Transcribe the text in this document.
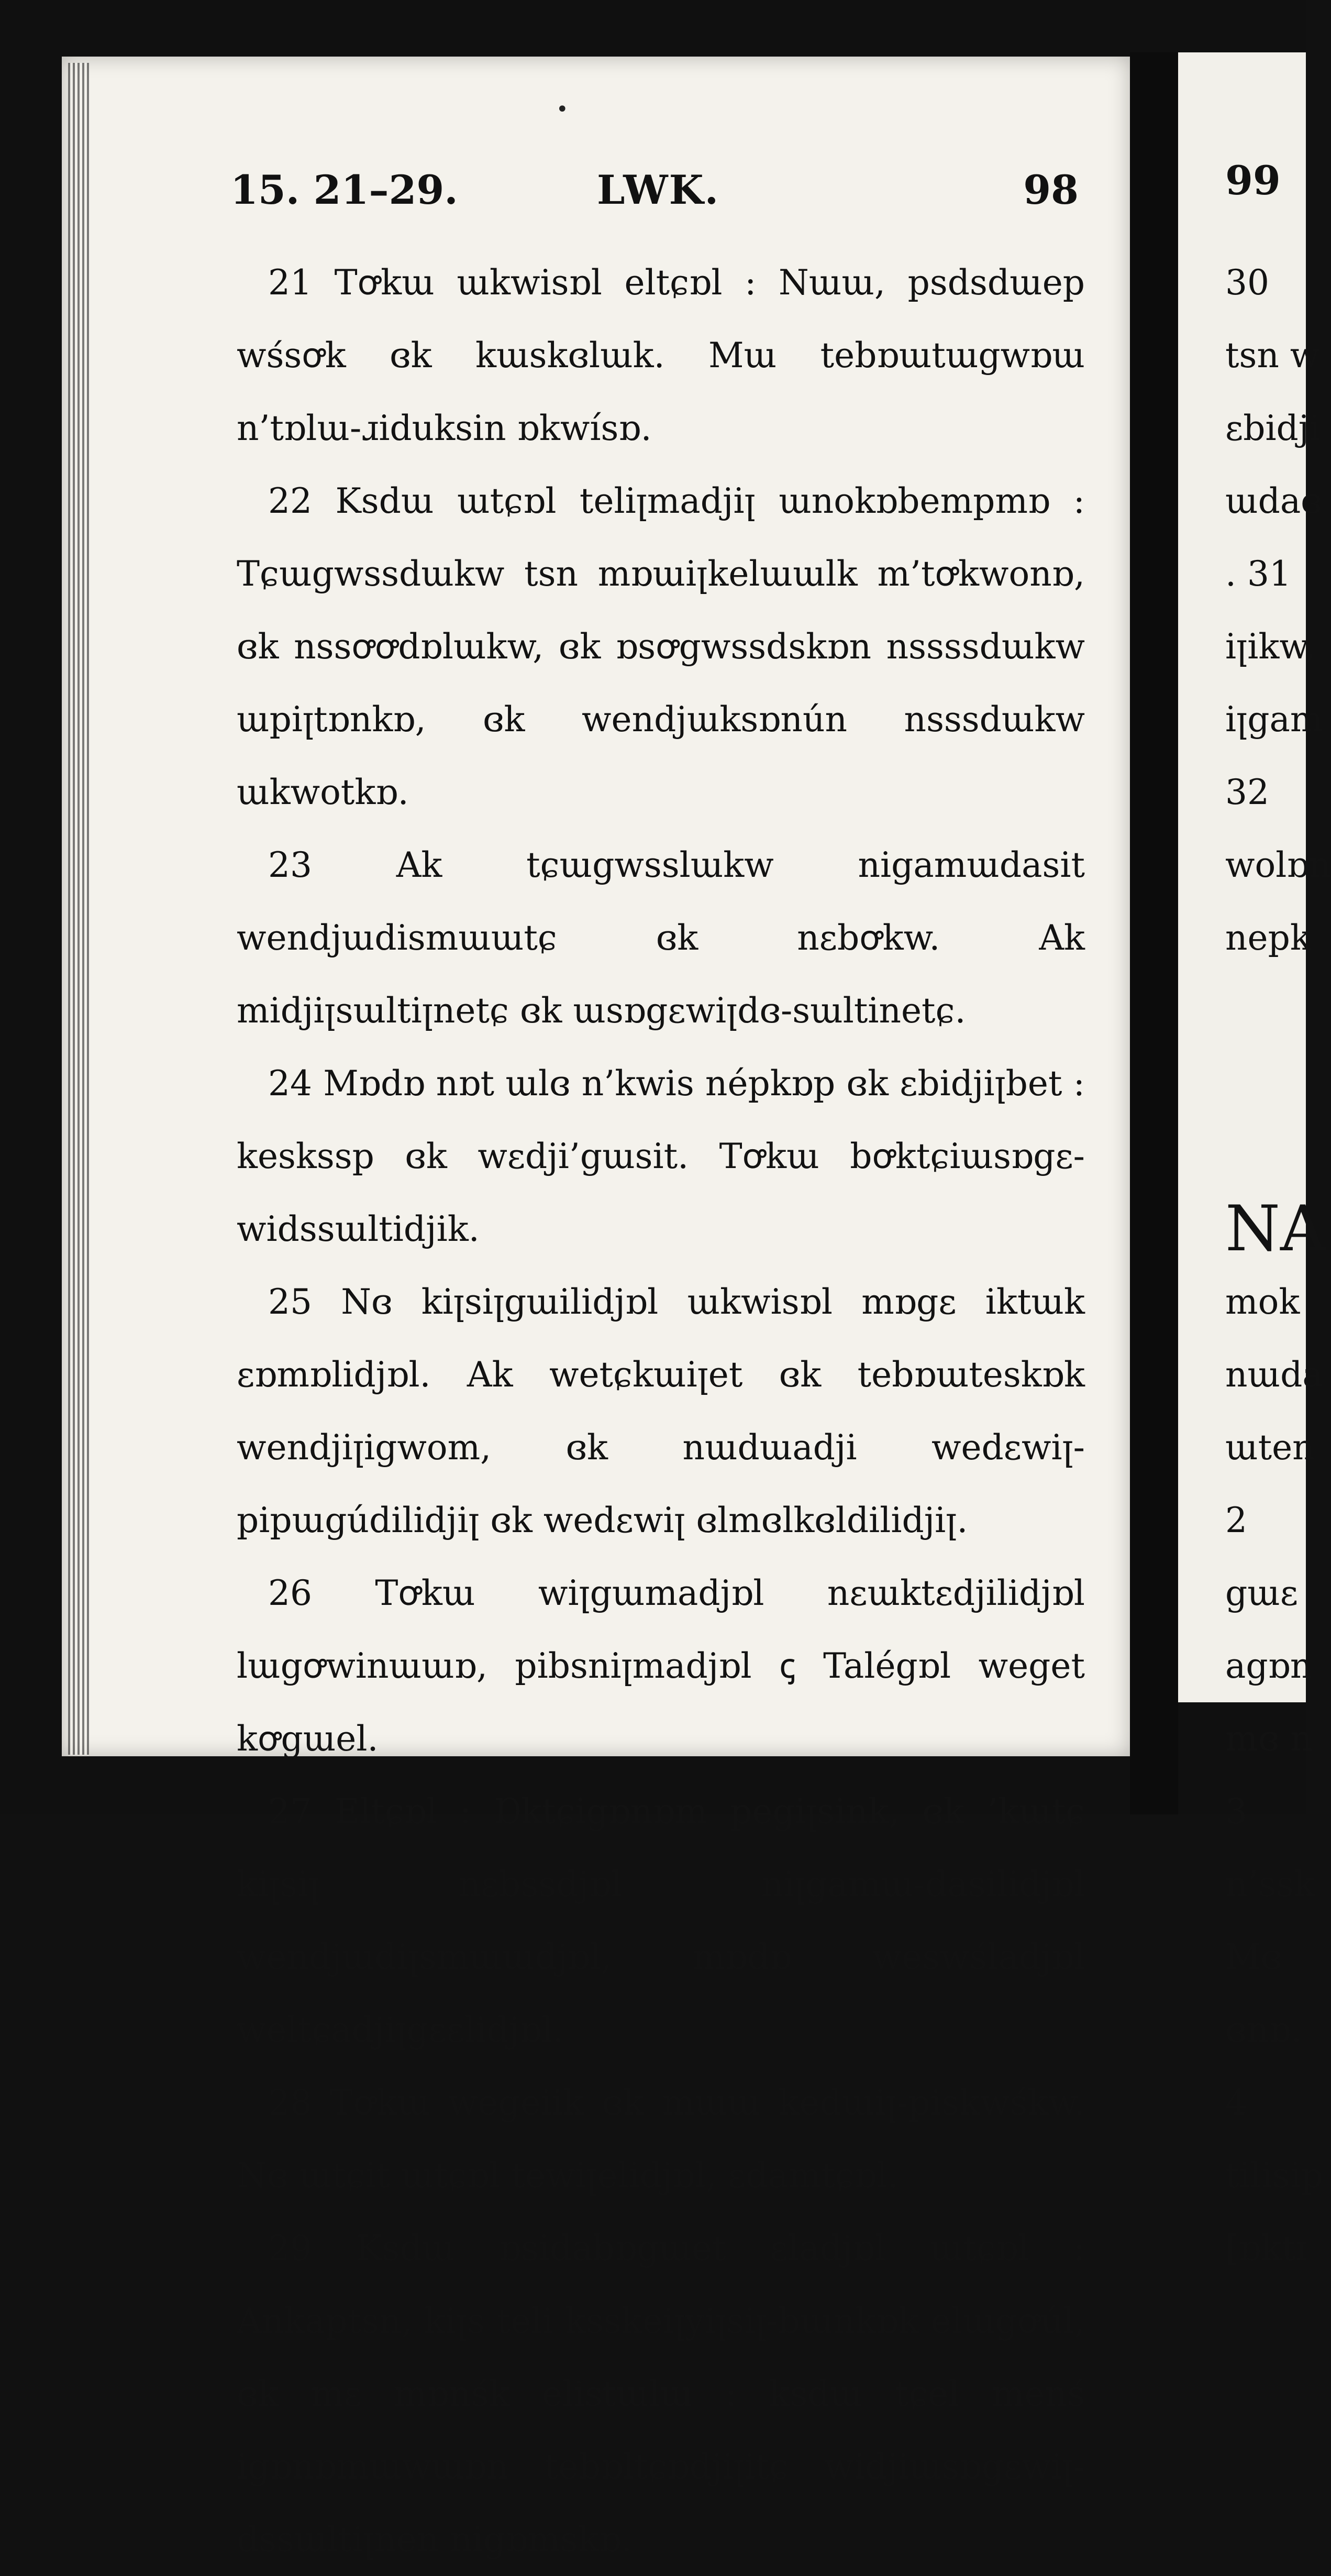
•
15. 21–29.	LWK.	98

21 Tꝍkɯ ɯkwisɒl eltɕɒl : Nɯɯ, psdsdɯep wśsꝍk ɞk kɯskɞlɯk. Mɯ tebɒɯtɯgwɒɯ n’tɒlɯ-ɹiduksin ɒkwísɒ.

22 Ksdɯ ɯtɕɒl teliꞁmadjiꞁ ɯnokɒbempmɒ : Tɕɯgwssdɯkw tsn mɒɯiꞁkelɯɯlk m’tꝍkwonɒ, ɞk nssꝍꝍdɒlɯkw, ɞk ɒsꝍgwssdskɒn nssssdɯkw ɯpiꞁtɒnkɒ, ɞk wendjɯksɒnún nsssdɯkw ɯkwotkɒ.

23 Ak tɕɯgwsslɯkw nigamɯdasit wendjɯdismɯɯtɕ ɞk nɛbꝍkw. Ak midjiꞁsɯltiꞁnetɕ ɞk ɯsɒgɛwiꞁdɞ-sɯltinetɕ.

24 Mɒdɒ nɒt ɯlɞ n’kwis népkɒp ɞk ɛbidjiꞁbet : keskssp ɞk wɛdji’gɯsit. Tꝍkɯ bꝍktɕiɯsɒgɛ-widssɯltidjik.

25 Nɞ kiꞁsiꞁgɯilidjɒl ɯkwisɒl mɒgɛ iktɯk ɛɒmɒlidjɒl. Ak wetɕkɯiꞁet ɞk tebɒɯteskɒk wendjiꞁigwom, ɞk nɯdɯadji wedɛwiꞁ-pipɯgúdilidjiꞁ ɞk wedɛwiꞁ ɞlmɞlkɞldilidjiꞁ.

26 Tꝍkɯ wiꞁgɯmadjɒl nɛɯktɛdjilidjɒl lɯgꝍwinɯɯɒ, pibsniꞁmadjɒl ꞔ Talégɒl weget kꝍgɯel.

27 Eltɕɒl : Ɒktɕigɒnɒm pegiꞁsink, ɞk ’kɯtɕ kiꞁsiꞁ nɛbssdjɒl niꞁgamɯ-dasilidjɒl wendjɯdiꞁsmɯɯdjɒl, mɒdɒ weswśladjɒl weltɕadjiꞁgɛɛlidjɒl.

28 Tꝍkɯ wegeiik ɞk mɯɯ kedɯiꞁ-piskwśkw. Nɞ ɯtɕit ɯtɕɒl tewiꞁelidjɒl, ɛdamtɕɒl.

29 Ksdɯ ɒsidabɒgɯet ɛladjɒl ɯtɕɒl : Ankaptsn, kiꞁs teli ksskeiꞁyiꞁsiꞁ-bɯnkɒk elɯgꝍúl, ɞk mɛ mɒnśk elistɯlɯ : ksdɯ tɕel menś igɒnɒmɯwɯɒn tebɒltɕɒdjiꞁitɕ widjiɯsɒgɛwiꞁ-dssɯltiꞁnen nigɒmskɒ.

99
30
tsn w
ɛbidji
ɯdaɞ
. 31
iꞁikw,
iꞁgam
32
wolɒn
nepk
NA
mok
nɯda
ɯten
2
gɯɛ
agɒn
mɞ n
3
n’ssk
Mɞ
ɞnɒ.
4
tilisip
[ɒktɪ
